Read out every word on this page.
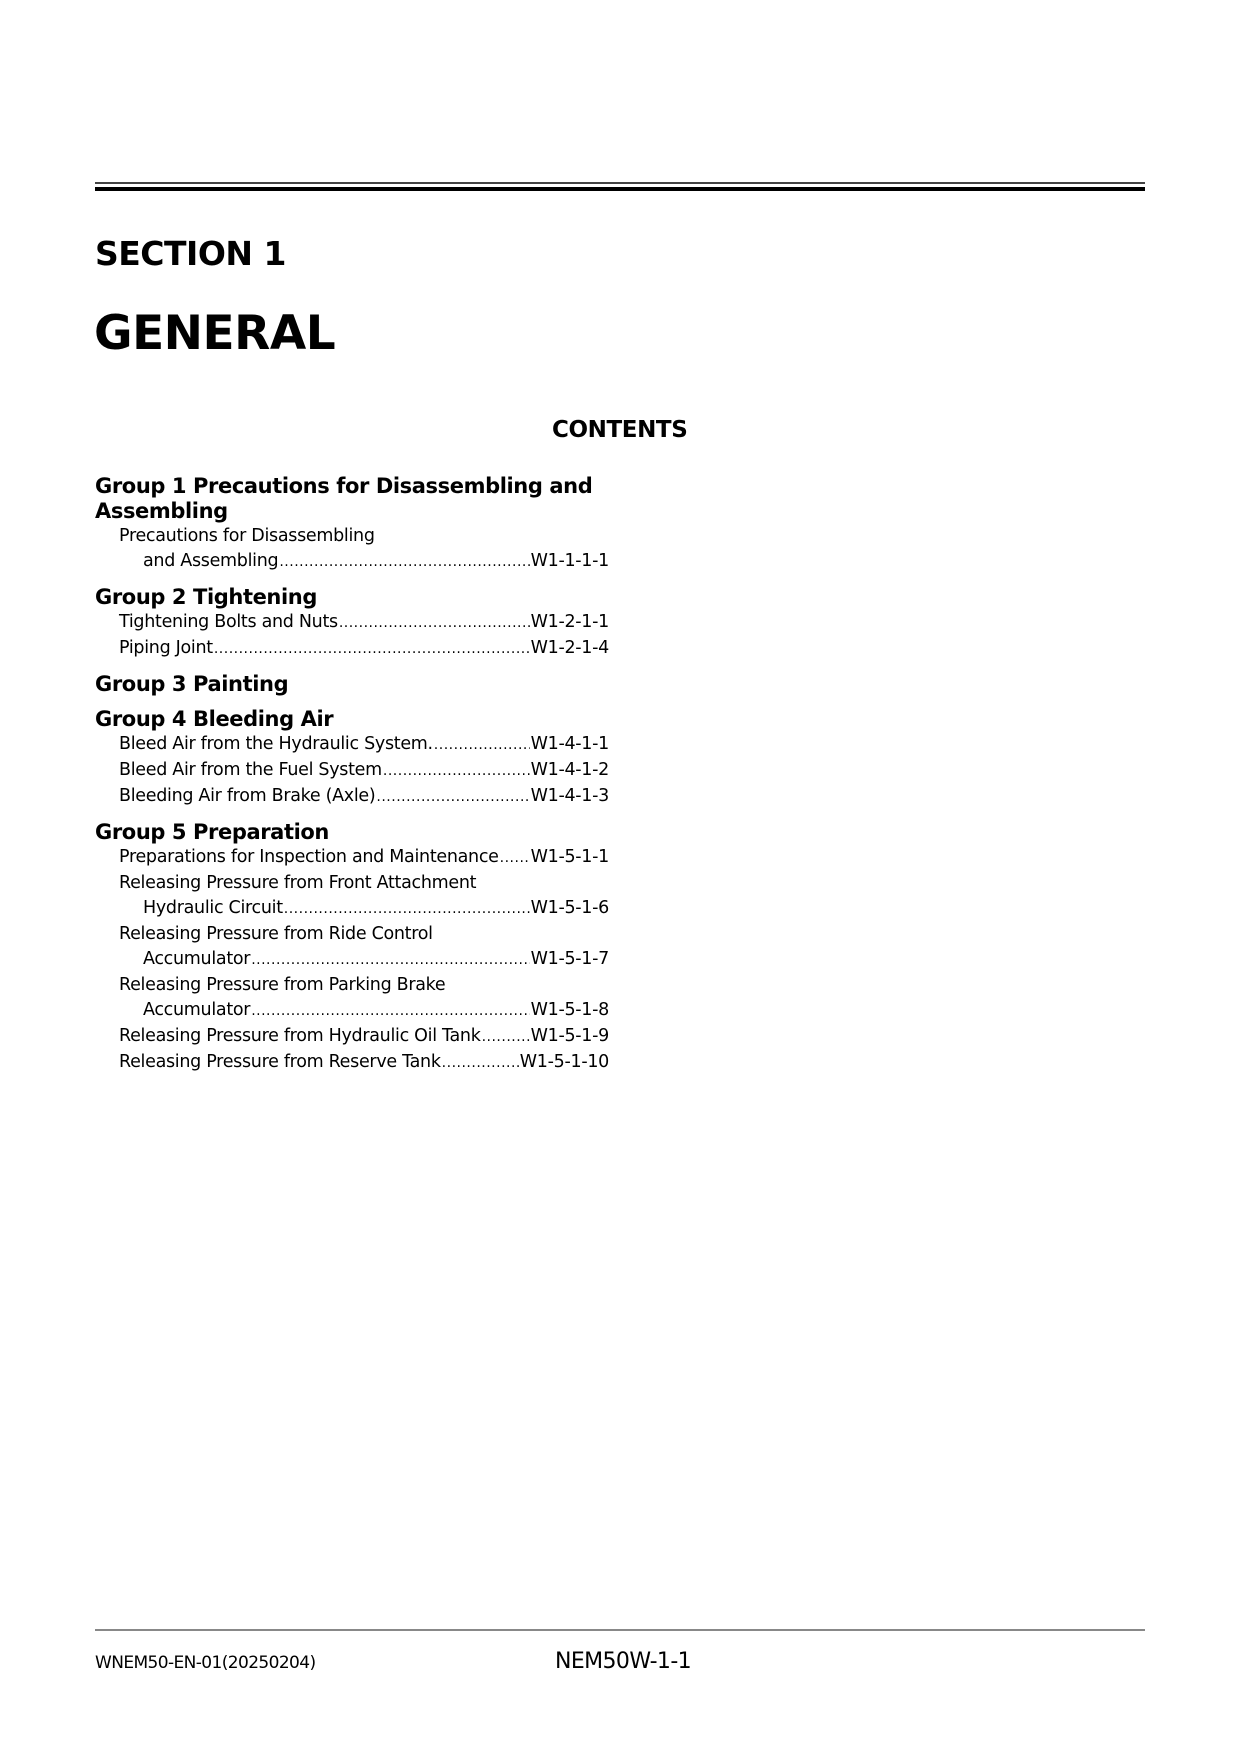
SECTION 1
GENERAL
CONTENTS
Group 1 Precautions for Disassembling and Assembling
Precautions for Disassembling
and Assembling .....	W1-1-1-1
Group 2 Tightening
Tightening Bolts and Nuts .....	W1-2-1-1
Piping Joint .....	W1-2-1-4
Group 3 Painting
Group 4 Bleeding Air
Bleed Air from the Hydraulic System. .....	W1-4-1-1
Bleed Air from the Fuel System .....	W1-4-1-2
Bleeding Air from Brake (Axle) .....	W1-4-1-3
Group 5 Preparation
Preparations for Inspection and Maintenance ..... W1-5-1-1
Releasing Pressure from Front Attachment
Hydraulic Circuit .....	W1-5-1-6
Releasing Pressure from Ride Control
Accumulator .....	W1-5-1-7
Releasing Pressure from Parking Brake
Accumulator .....	W1-5-1-8
Releasing Pressure from Hydraulic Oil Tank .....	W1-5-1-9
Releasing Pressure from Reserve Tank .....	W1-5-1-10
WNEM50-EN-01(20250204)	NEM50W-1-1
